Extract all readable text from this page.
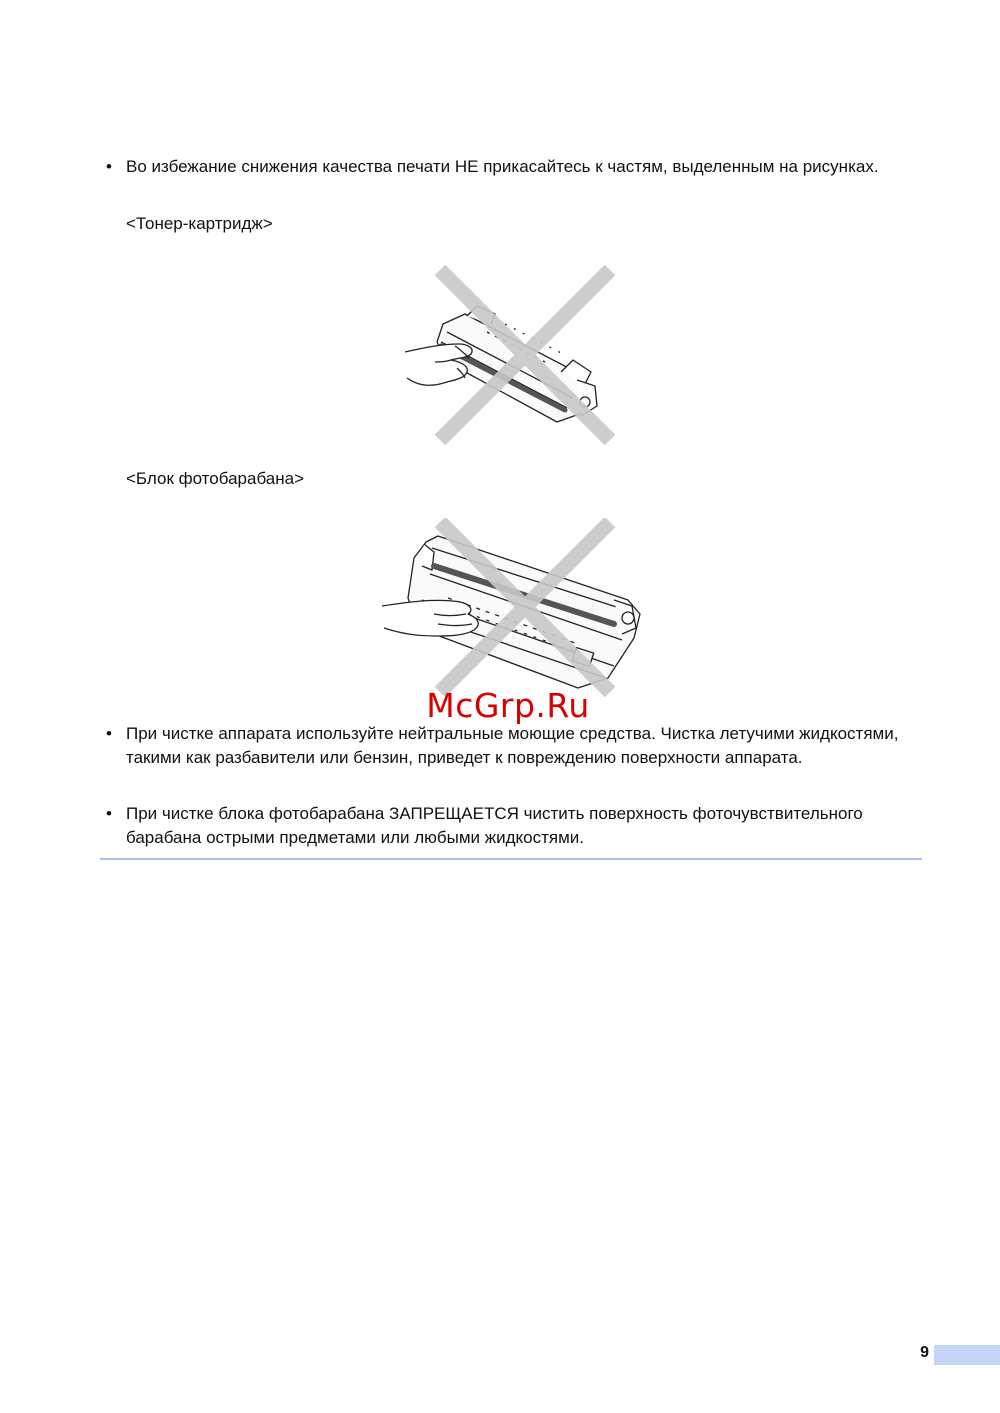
• Во избежание снижения качества печати НЕ прикасайтесь к частям, выделенным на рисунках.
<Тонер-картридж>
<Блок фотобарабана>
McGrp.Ru
• При чистке аппарата используйте нейтральные моющие средства. Чистка летучими жидкостями, такими как разбавители или бензин, приведет к повреждению поверхности аппарата.
• При чистке блока фотобарабана ЗАПРЕЩАЕТСЯ чистить поверхность фоточувствительного барабана острыми предметами или любыми жидкостями.
9
